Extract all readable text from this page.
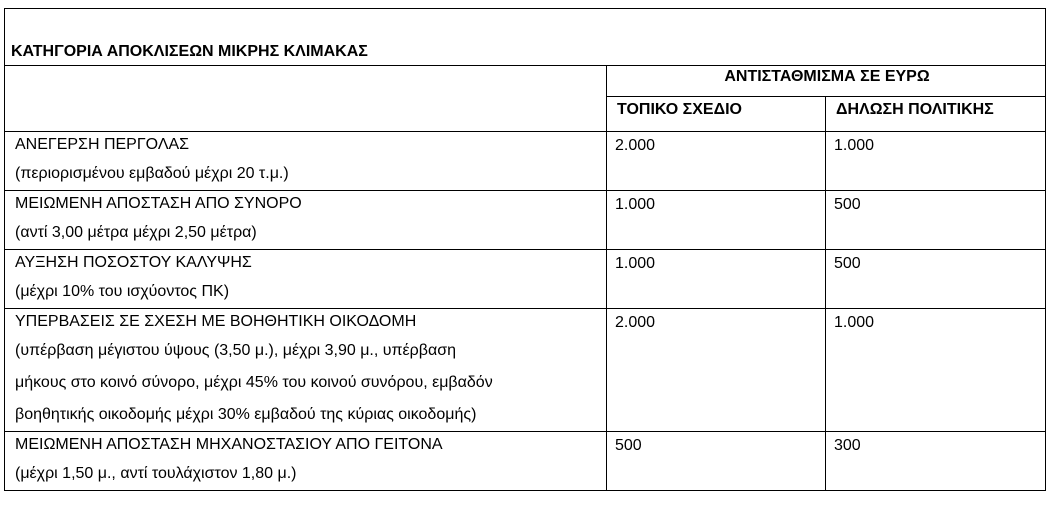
ΚΑΤΗΓΟΡΙΑ ΑΠΟΚΛΙΣΕΩΝ ΜΙΚΡΗΣ ΚΛΙΜΑΚΑΣ		
	ΑΝΤΙΣΤΑΘΜΙΣΜΑ ΣΕ ΕΥΡΩ	
	ΤΟΠΙΚΟ ΣΧΕΔΙΟ	ΔΗΛΩΣΗ ΠΟΛΙΤΙΚΗΣ

ΑΝΕΓΕΡΣΗ ΠΕΡΓΟΛΑΣ
(περιορισμένου εμβαδού μέχρι 20 τ.μ.)	2.000	1.000

ΜΕΙΩΜΕΝΗ ΑΠΟΣΤΑΣΗ ΑΠΟ ΣΥΝΟΡΟ
(αντί 3,00 μέτρα μέχρι 2,50 μέτρα)	1.000	500

ΑΥΞΗΣΗ ΠΟΣΟΣΤΟΥ ΚΑΛΥΨΗΣ
(μέχρι 10% του ισχύοντος ΠΚ)	1.000	500

ΥΠΕΡΒΑΣΕΙΣ ΣΕ ΣΧΕΣΗ ΜΕ ΒΟΗΘΗΤΙΚΗ ΟΙΚΟΔΟΜΗ
(υπέρβαση μέγιστου ύψους (3,50 μ.), μέχρι 3,90 μ., υπέρβαση
μήκους στο κοινό σύνορο, μέχρι 45% του κοινού συνόρου, εμβαδόν
βοηθητικής οικοδομής μέχρι 30% εμβαδού της κύριας οικοδομής)	2.000	1.000

ΜΕΙΩΜΕΝΗ ΑΠΟΣΤΑΣΗ ΜΗΧΑΝΟΣΤΑΣΙΟΥ ΑΠΟ ΓΕΙΤΟΝΑ
(μέχρι 1,50 μ., αντί τουλάχιστον 1,80 μ.)	500	300
